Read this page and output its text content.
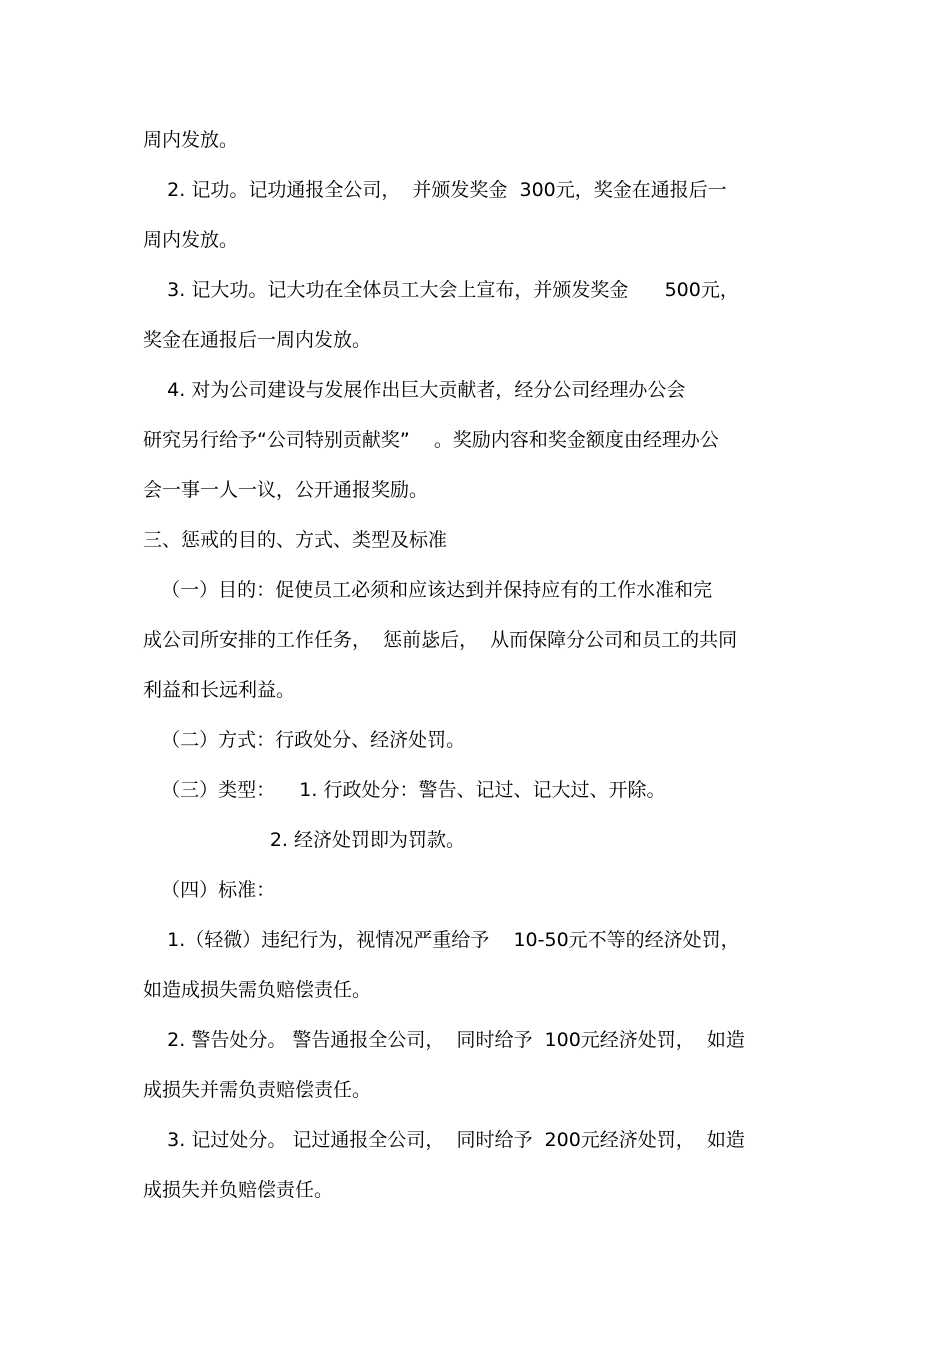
周内发放。
2. 记功。记功通报全公司，  并颁发奖金  300元，奖金在通报后一
周内发放。
3. 记大功。记大功在全体员工大会上宣布，并颁发奖金      500元，
奖金在通报后一周内发放。
4. 对为公司建设与发展作出巨大贡献者，经分公司经理办公会
研究另行给予“公司特别贡献奖”    。奖励内容和奖金额度由经理办公
会一事一人一议，公开通报奖励。
三、惩戒的目的、方式、类型及标准
（一）目的：促使员工必须和应该达到并保持应有的工作水准和完
成公司所安排的工作任务，  惩前毖后，  从而保障分公司和员工的共同
利益和长远利益。
（二）方式：行政处分、经济处罚。
（三）类型：    1. 行政处分：警告、记过、记大过、开除。
2. 经济处罚即为罚款。
（四）标准：
1.（轻微）违纪行为，视情况严重给予    10-50元不等的经济处罚，
如造成损失需负赔偿责任。
2. 警告处分。 警告通报全公司，  同时给予  100元经济处罚，  如造
成损失并需负责赔偿责任。
3. 记过处分。 记过通报全公司，  同时给予  200元经济处罚，  如造
成损失并负赔偿责任。
